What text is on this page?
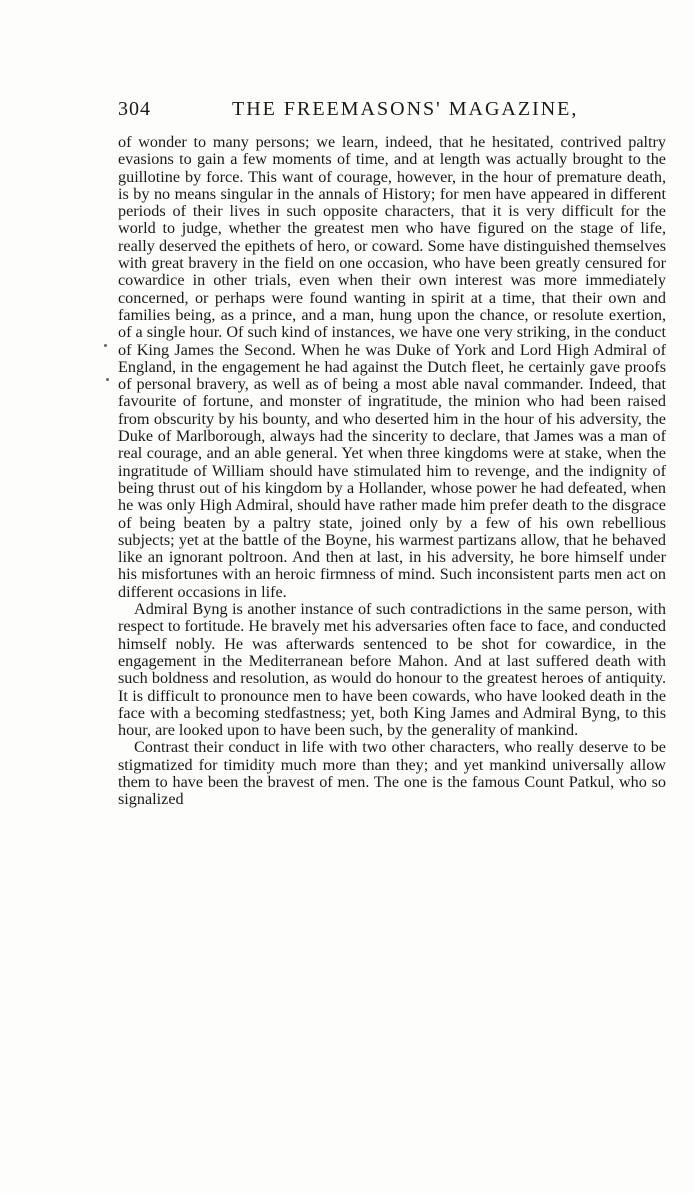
304	THE FREEMASONS' MAGAZINE,

of wonder to many persons; we learn, indeed, that he hesitated, contrived paltry evasions to gain a few moments of time, and at length was actually brought to the guillotine by force. This want of courage, however, in the hour of premature death, is by no means singular in the annals of History; for men have appeared in different periods of their lives in such opposite characters, that it is very difficult for the world to judge, whether the greatest men who have figured on the stage of life, really deserved the epithets of hero, or coward. Some have distinguished themselves with great bravery in the field on one occasion, who have been greatly censured for cowardice in other trials, even when their own interest was more immediately concerned, or perhaps were found wanting in spirit at a time, that their own and families being, as a prince, and a man, hung upon the chance, or resolute exertion, of a single hour. Of such kind of instances, we have one very striking, in the conduct of King James the Second. When he was Duke of York and Lord High Admiral of England, in the engagement he had against the Dutch fleet, he certainly gave proofs of personal bravery, as well as of being a most able naval commander. Indeed, that favourite of fortune, and monster of ingratitude, the minion who had been raised from obscurity by his bounty, and who deserted him in the hour of his adversity, the Duke of Marlborough, always had the sincerity to declare, that James was a man of real courage, and an able general. Yet when three kingdoms were at stake, when the ingratitude of William should have stimulated him to revenge, and the indignity of being thrust out of his kingdom by a Hollander, whose power he had defeated, when he was only High Admiral, should have rather made him prefer death to the disgrace of being beaten by a paltry state, joined only by a few of his own rebellious subjects; yet at the battle of the Boyne, his warmest partizans allow, that he behaved like an ignorant poltroon. And then at last, in his adversity, he bore himself under his misfortunes with an heroic firmness of mind. Such inconsistent parts men act on different occasions in life.

Admiral Byng is another instance of such contradictions in the same person, with respect to fortitude. He bravely met his adversaries often face to face, and conducted himself nobly. He was afterwards sentenced to be shot for cowardice, in the engagement in the Mediterranean before Mahon. And at last suffered death with such boldness and resolution, as would do honour to the greatest heroes of antiquity. It is difficult to pronounce men to have been cowards, who have looked death in the face with a becoming stedfastness; yet, both King James and Admiral Byng, to this hour, are looked upon to have been such, by the generality of mankind.

Contrast their conduct in life with two other characters, who really deserve to be stigmatized for timidity much more than they; and yet mankind universally allow them to have been the bravest of men. The one is the famous Count Patkul, who so signalized
